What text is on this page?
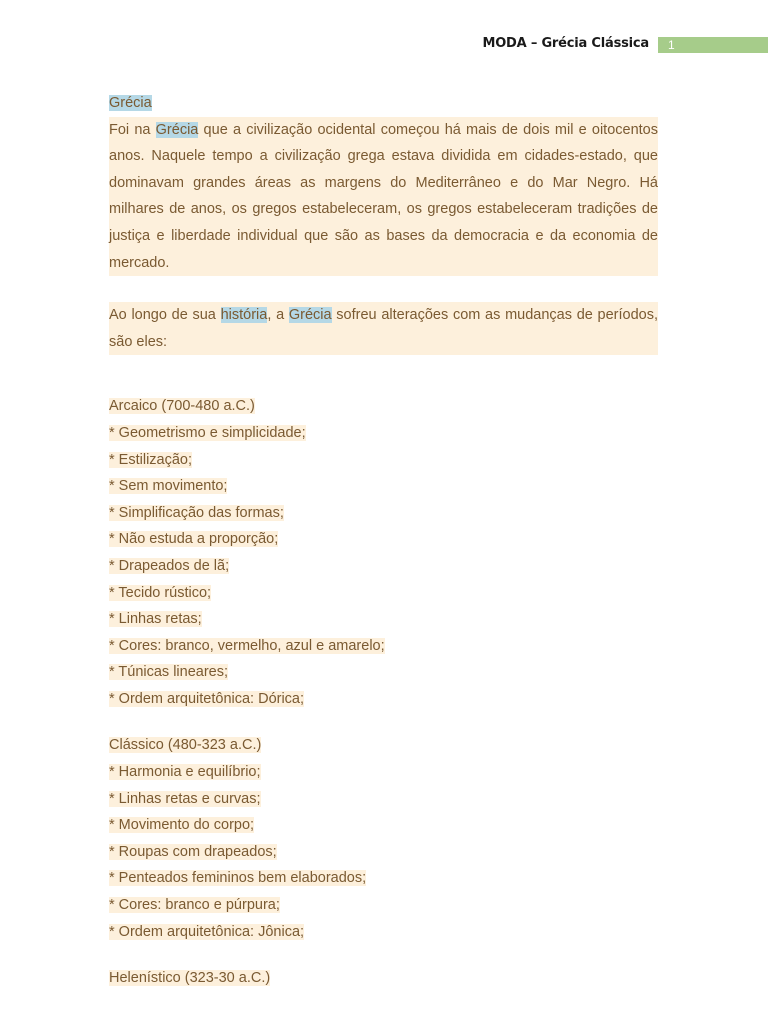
MODA – Grécia Clássica	1
Grécia
Foi na Grécia que a civilização ocidental começou há mais de dois mil e oitocentos anos. Naquele tempo a civilização grega estava dividida em cidades-estado, que dominavam grandes áreas as margens do Mediterrâneo e do Mar Negro. Há milhares de anos, os gregos estabeleceram, os gregos estabeleceram tradições de justiça e liberdade individual que são as bases da democracia e da economia de mercado.
Ao longo de sua história, a Grécia sofreu alterações com as mudanças de períodos, são eles:
Arcaico (700-480 a.C.)
* Geometrismo e simplicidade;
* Estilização;
* Sem movimento;
* Simplificação das formas;
* Não estuda a proporção;
* Drapeados de lã;
* Tecido rústico;
* Linhas retas;
* Cores: branco, vermelho, azul e amarelo;
* Túnicas lineares;
* Ordem arquitetônica: Dórica;
Clássico (480-323 a.C.)
* Harmonia e equilíbrio;
* Linhas retas e curvas;
* Movimento do corpo;
* Roupas com drapeados;
* Penteados femininos bem elaborados;
* Cores: branco e púrpura;
* Ordem arquitetônica: Jônica;
Helenístico (323-30 a.C.)
